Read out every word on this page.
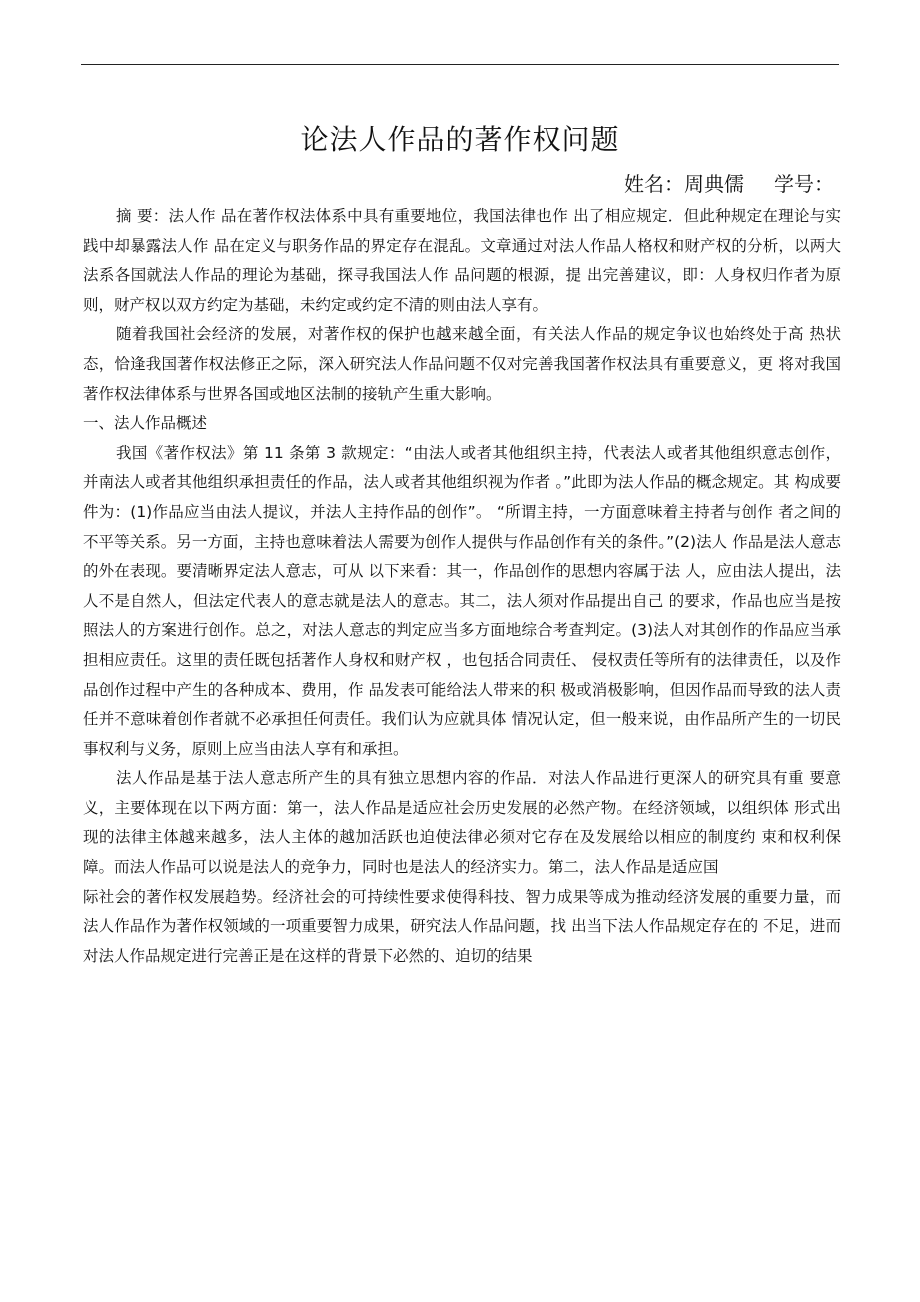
论法人作品的著作权问题
姓名：周典儒 学号：

摘 要：法人作 品在著作权法体系中具有重要地位，我国法律也作 出了相应规定．但此种规定在理论与实践中却暴露法人作 品在定义与职务作品的界定存在混乱。文章通过对法人作品人格权和财产权的分析，以两大法系各国就法人作品的理论为基础，探寻我国法人作 品问题的根源，提 出完善建议，即：人身权归作者为原则，财产权以双方约定为基础，未约定或约定不清的则由法人享有。

随着我国社会经济的发展，对著作权的保护也越来越全面，有关法人作品的规定争议也始终处于高 热状态，恰逢我国著作权法修正之际，深入研究法人作品问题不仅对完善我国著作权法具有重要意义，更 将对我国著作权法律体系与世界各国或地区法制的接轨产生重大影响。

一、法人作品概述

我国《著作权法》第 11 条第 3 款规定：“由法人或者其他组织主持，代表法人或者其他组织意志创作， 并南法人或者其他组织承担责任的作品，法人或者其他组织视为作者 。”此即为法人作品的概念规定。其 构成要件为：(1)作品应当由法人提议，并法人主持作品的创作”。 “所谓主持，一方面意味着主持者与创作 者之间的不平等关系。另一方面，主持也意味着法人需要为创作人提供与作品创作有关的条件。”(2)法人 作品是法人意志的外在表现。要清晰界定法人意志，可从 以下来看：其一，作品创作的思想内容属于法 人，应由法人提出，法人不是自然人，但法定代表人的意志就是法人的意志。其二，法人须对作品提出自己 的要求，作品也应当是按照法人的方案进行创作。总之，对法人意志的判定应当多方面地综合考查判定。(3)法人对其创作的作品应当承担相应责任。这里的责任既包括著作人身权和财产权 ，也包括合同责任、 侵权责任等所有的法律责任，以及作品创作过程中产生的各种成本、费用，作 品发表可能给法人带来的积 极或消极影响，但因作品而导致的法人责任并不意味着创作者就不必承担任何责任。我们认为应就具体 情况认定，但一般来说，由作品所产生的一切民事权利与义务，原则上应当由法人享有和承担。

法人作品是基于法人意志所产生的具有独立思想内容的作品．对法人作品进行更深人的研究具有重 要意义，主要体现在以下两方面：第一，法人作品是适应社会历史发展的必然产物。在经济领域，以组织体 形式出现的法律主体越来越多，法人主体的越加活跃也迫使法律必须对它存在及发展给以相应的制度约 束和权利保障。而法人作品可以说是法人的竞争力，同时也是法人的经济实力。第二，法人作品是适应国

际社会的著作权发展趋势。经济社会的可持续性要求使得科技、智力成果等成为推动经济发展的重要力量，而法人作品作为著作权领域的一项重要智力成果，研究法人作品问题，找 出当下法人作品规定存在的 不足，进而对法人作品规定进行完善正是在这样的背景下必然的、迫切的结果
